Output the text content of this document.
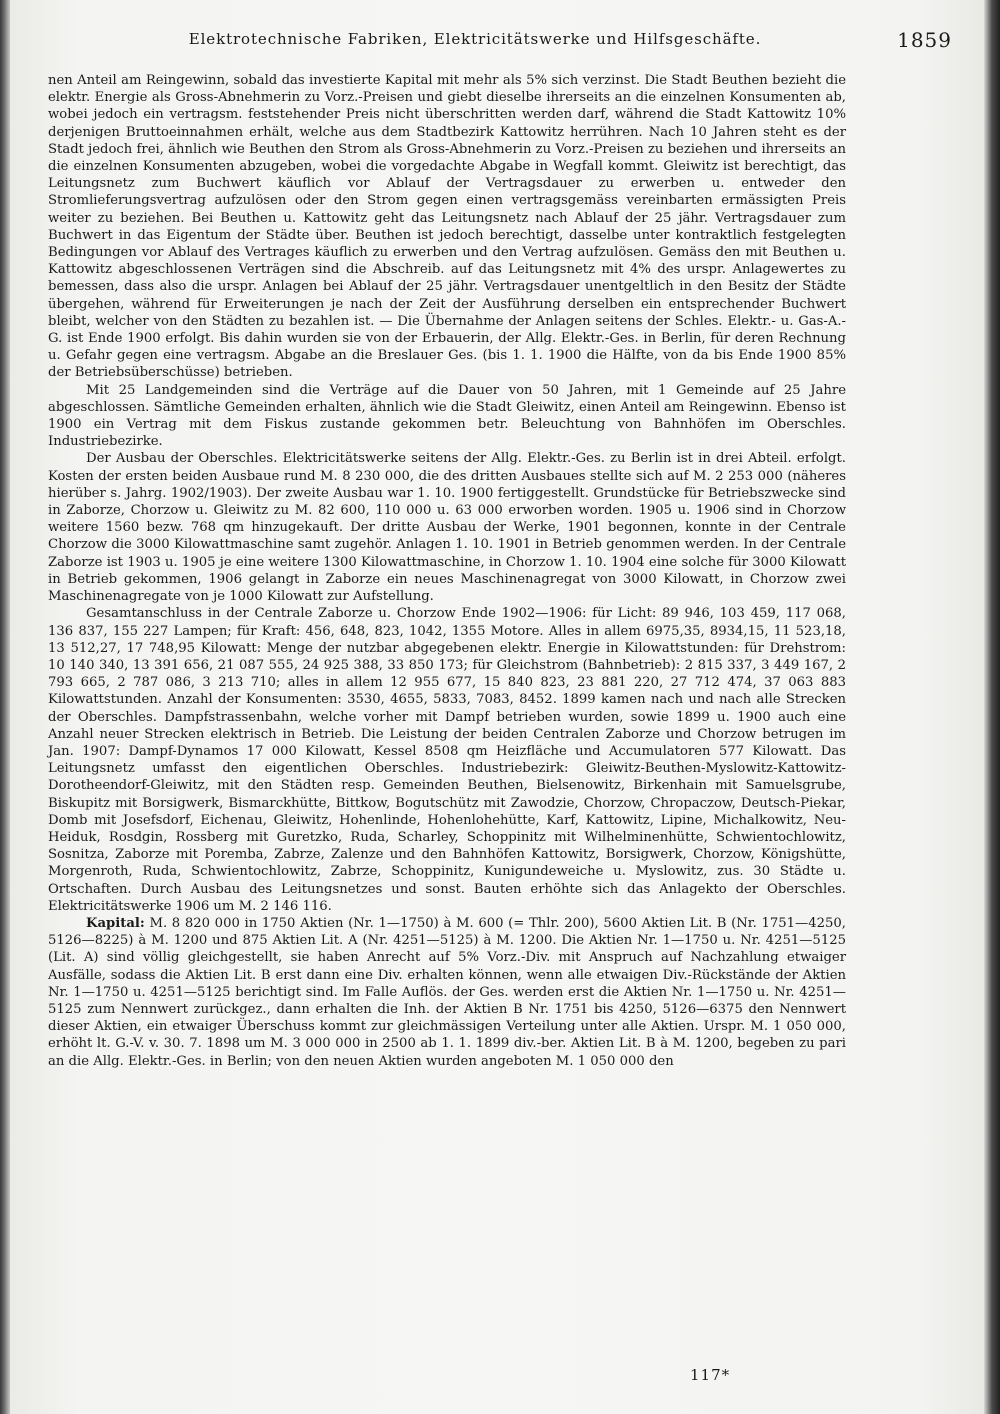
Elektrotechnische Fabriken, Elektricitätswerke und Hilfsgeschäfte.	1859

nen Anteil am Reingewinn, sobald das investierte Kapital mit mehr als 5% sich verzinst. Die Stadt Beuthen bezieht die elektr. Energie als Gross-Abnehmerin zu Vorz.-Preisen und giebt dieselbe ihrerseits an die einzelnen Konsumenten ab, wobei jedoch ein vertragsm. feststehender Preis nicht überschritten werden darf, während die Stadt Kattowitz 10% derjenigen Bruttoeinnahmen erhält, welche aus dem Stadtbezirk Kattowitz herrühren. Nach 10 Jahren steht es der Stadt jedoch frei, ähnlich wie Beuthen den Strom als Gross-Abnehmerin zu Vorz.-Preisen zu beziehen und ihrerseits an die einzelnen Konsumenten abzugeben, wobei die vorgedachte Abgabe in Wegfall kommt. Gleiwitz ist berechtigt, das Leitungsnetz zum Buchwert käuflich vor Ablauf der Vertragsdauer zu erwerben u. entweder den Stromlieferungsvertrag aufzulösen oder den Strom gegen einen vertragsgemäss vereinbarten ermässigten Preis weiter zu beziehen. Bei Beuthen u. Kattowitz geht das Leitungsnetz nach Ablauf der 25 jähr. Vertragsdauer zum Buchwert in das Eigentum der Städte über. Beuthen ist jedoch berechtigt, dasselbe unter kontraktlich festgelegten Bedingungen vor Ablauf des Vertrages käuflich zu erwerben und den Vertrag aufzulösen. Gemäss den mit Beuthen u. Kattowitz abgeschlossenen Verträgen sind die Abschreib. auf das Leitungsnetz mit 4% des urspr. Anlagewertes zu bemessen, dass also die urspr. Anlagen bei Ablauf der 25 jähr. Vertragsdauer unentgeltlich in den Besitz der Städte übergehen, während für Erweiterungen je nach der Zeit der Ausführung derselben ein entsprechender Buchwert bleibt, welcher von den Städten zu bezahlen ist. — Die Übernahme der Anlagen seitens der Schles. Elektr.- u. Gas-A.-G. ist Ende 1900 erfolgt. Bis dahin wurden sie von der Erbauerin, der Allg. Elektr.-Ges. in Berlin, für deren Rechnung u. Gefahr gegen eine vertragsm. Abgabe an die Breslauer Ges. (bis 1. 1. 1900 die Hälfte, von da bis Ende 1900 85% der Betriebsüberschüsse) betrieben.

Mit 25 Landgemeinden sind die Verträge auf die Dauer von 50 Jahren, mit 1 Gemeinde auf 25 Jahre abgeschlossen. Sämtliche Gemeinden erhalten, ähnlich wie die Stadt Gleiwitz, einen Anteil am Reingewinn. Ebenso ist 1900 ein Vertrag mit dem Fiskus zustande gekommen betr. Beleuchtung von Bahnhöfen im Oberschles. Industriebezirke.

Der Ausbau der Oberschles. Elektricitätswerke seitens der Allg. Elektr.-Ges. zu Berlin ist in drei Abteil. erfolgt. Kosten der ersten beiden Ausbaue rund M. 8 230 000, die des dritten Ausbaues stellte sich auf M. 2 253 000 (näheres hierüber s. Jahrg. 1902/1903). Der zweite Ausbau war 1. 10. 1900 fertiggestellt. Grundstücke für Betriebszwecke sind in Zaborze, Chorzow u. Gleiwitz zu M. 82 600, 110 000 u. 63 000 erworben worden. 1905 u. 1906 sind in Chorzow weitere 1560 bezw. 768 qm hinzugekauft. Der dritte Ausbau der Werke, 1901 begonnen, konnte in der Centrale Chorzow die 3000 Kilowattmaschine samt zugehör. Anlagen 1. 10. 1901 in Betrieb genommen werden. In der Centrale Zaborze ist 1903 u. 1905 je eine weitere 1300 Kilowattmaschine, in Chorzow 1. 10. 1904 eine solche für 3000 Kilowatt in Betrieb gekommen, 1906 gelangt in Zaborze ein neues Maschinenagregat von 3000 Kilowatt, in Chorzow zwei Maschinenagregate von je 1000 Kilowatt zur Aufstellung.

Gesamtanschluss in der Centrale Zaborze u. Chorzow Ende 1902—1906: für Licht: 89 946, 103 459, 117 068, 136 837, 155 227 Lampen; für Kraft: 456, 648, 823, 1042, 1355 Motore. Alles in allem 6975,35, 8934,15, 11 523,18, 13 512,27, 17 748,95 Kilowatt: Menge der nutzbar abgegebenen elektr. Energie in Kilowattstunden: für Drehstrom: 10 140 340, 13 391 656, 21 087 555, 24 925 388, 33 850 173; für Gleichstrom (Bahnbetrieb): 2 815 337, 3 449 167, 2 793 665, 2 787 086, 3 213 710; alles in allem 12 955 677, 15 840 823, 23 881 220, 27 712 474, 37 063 883 Kilowattstunden. Anzahl der Konsumenten: 3530, 4655, 5833, 7083, 8452. 1899 kamen nach und nach alle Strecken der Oberschles. Dampfstrassenbahn, welche vorher mit Dampf betrieben wurden, sowie 1899 u. 1900 auch eine Anzahl neuer Strecken elektrisch in Betrieb. Die Leistung der beiden Centralen Zaborze und Chorzow betrugen im Jan. 1907: Dampf-Dynamos 17 000 Kilowatt, Kessel 8508 qm Heizfläche und Accumulatoren 577 Kilowatt. Das Leitungsnetz umfasst den eigentlichen Oberschles. Industriebezirk: Gleiwitz-Beuthen-Myslowitz-Kattowitz-Dorotheendorf-Gleiwitz, mit den Städten resp. Gemeinden Beuthen, Bielsenowitz, Birkenhain mit Samuelsgrube, Biskupitz mit Borsigwerk, Bismarckhütte, Bittkow, Bogutschütz mit Zawodzie, Chorzow, Chropaczow, Deutsch-Piekar, Domb mit Josefsdorf, Eichenau, Gleiwitz, Hohenlinde, Hohenlohehütte, Karf, Kattowitz, Lipine, Michalkowitz, Neu-Heiduk, Rosdgin, Rossberg mit Guretzko, Ruda, Scharley, Schoppinitz mit Wilhelminenhütte, Schwientochlowitz, Sosnitza, Zaborze mit Poremba, Zabrze, Zalenze und den Bahnhöfen Kattowitz, Borsigwerk, Chorzow, Königshütte, Morgenroth, Ruda, Schwientochlowitz, Zabrze, Schoppinitz, Kunigundeweiche u. Myslowitz, zus. 30 Städte u. Ortschaften. Durch Ausbau des Leitungsnetzes und sonst. Bauten erhöhte sich das Anlagekto der Oberschles. Elektricitätswerke 1906 um M. 2 146 116.

Kapital: M. 8 820 000 in 1750 Aktien (Nr. 1—1750) à M. 600 (= Thlr. 200), 5600 Aktien Lit. B (Nr. 1751—4250, 5126—8225) à M. 1200 und 875 Aktien Lit. A (Nr. 4251—5125) à M. 1200. Die Aktien Nr. 1—1750 u. Nr. 4251—5125 (Lit. A) sind völlig gleichgestellt, sie haben Anrecht auf 5% Vorz.-Div. mit Anspruch auf Nachzahlung etwaiger Ausfälle, sodass die Aktien Lit. B erst dann eine Div. erhalten können, wenn alle etwaigen Div.-Rückstände der Aktien Nr. 1—1750 u. 4251—5125 berichtigt sind. Im Falle Auflös. der Ges. werden erst die Aktien Nr. 1—1750 u. Nr. 4251—5125 zum Nennwert zurückgez., dann erhalten die Inh. der Aktien B Nr. 1751 bis 4250, 5126—6375 den Nennwert dieser Aktien, ein etwaiger Überschuss kommt zur gleichmässigen Verteilung unter alle Aktien. Urspr. M. 1 050 000, erhöht lt. G.-V. v. 30. 7. 1898 um M. 3 000 000 in 2500 ab 1. 1. 1899 div.-ber. Aktien Lit. B à M. 1200, begeben zu pari an die Allg. Elektr.-Ges. in Berlin; von den neuen Aktien wurden angeboten M. 1 050 000 den

117*
